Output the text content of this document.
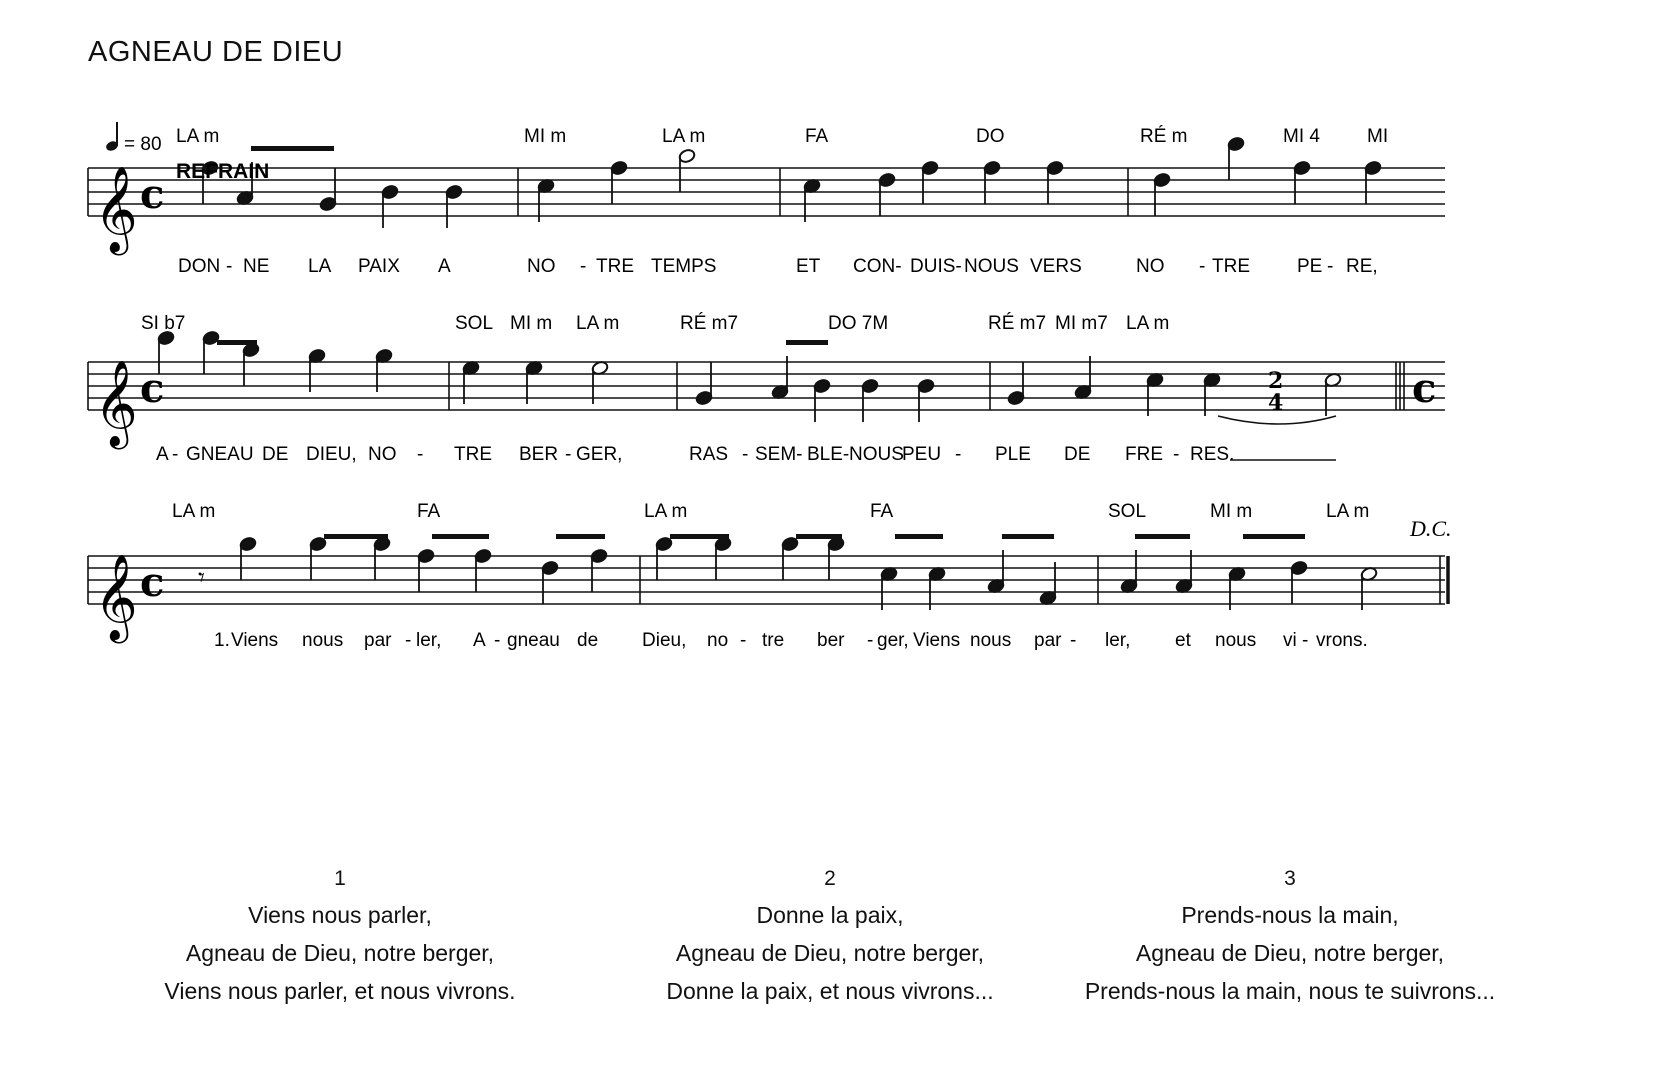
AGNEAU DE DIEU
𝄞 c
LA m	MI m	LA m	FA	DO	RÉ m	MI 4 MI
DON - NE LA PAIX A	NO - TRE TEMPS	ET CON- DUIS- NOUS VERS	NO - TRE PE - RE,
𝄞 c
SI b7	SOL MI m LA m	RÉ m7	DO 7M	RÉ m7 MI m7 LA m
A - GNEAU DE DIEU, NO - TRE BER - GER,	RAS - SEM- BLE- NOUS
PEU - PLE DE FRE - RES.
𝄞 c
LA m	FA	LA m	FA	SOL	MI m	LA m
1. Viens nous par - ler, A - gneau de Dieu, no - tre ber - ger, Viens nous par - ler, et nous vi - vrons.
= 80
REFRAIN
2
4	c
𝄾
D.C.
1
Viens nous parler,
Agneau de Dieu, notre berger,
Viens nous parler, et nous vivrons.
2
Donne la paix,
Agneau de Dieu, notre berger,
Donne la paix, et nous vivrons...
3
Prends-nous la main,
Agneau de Dieu, notre berger,
Prends-nous la main, nous te suivrons...
